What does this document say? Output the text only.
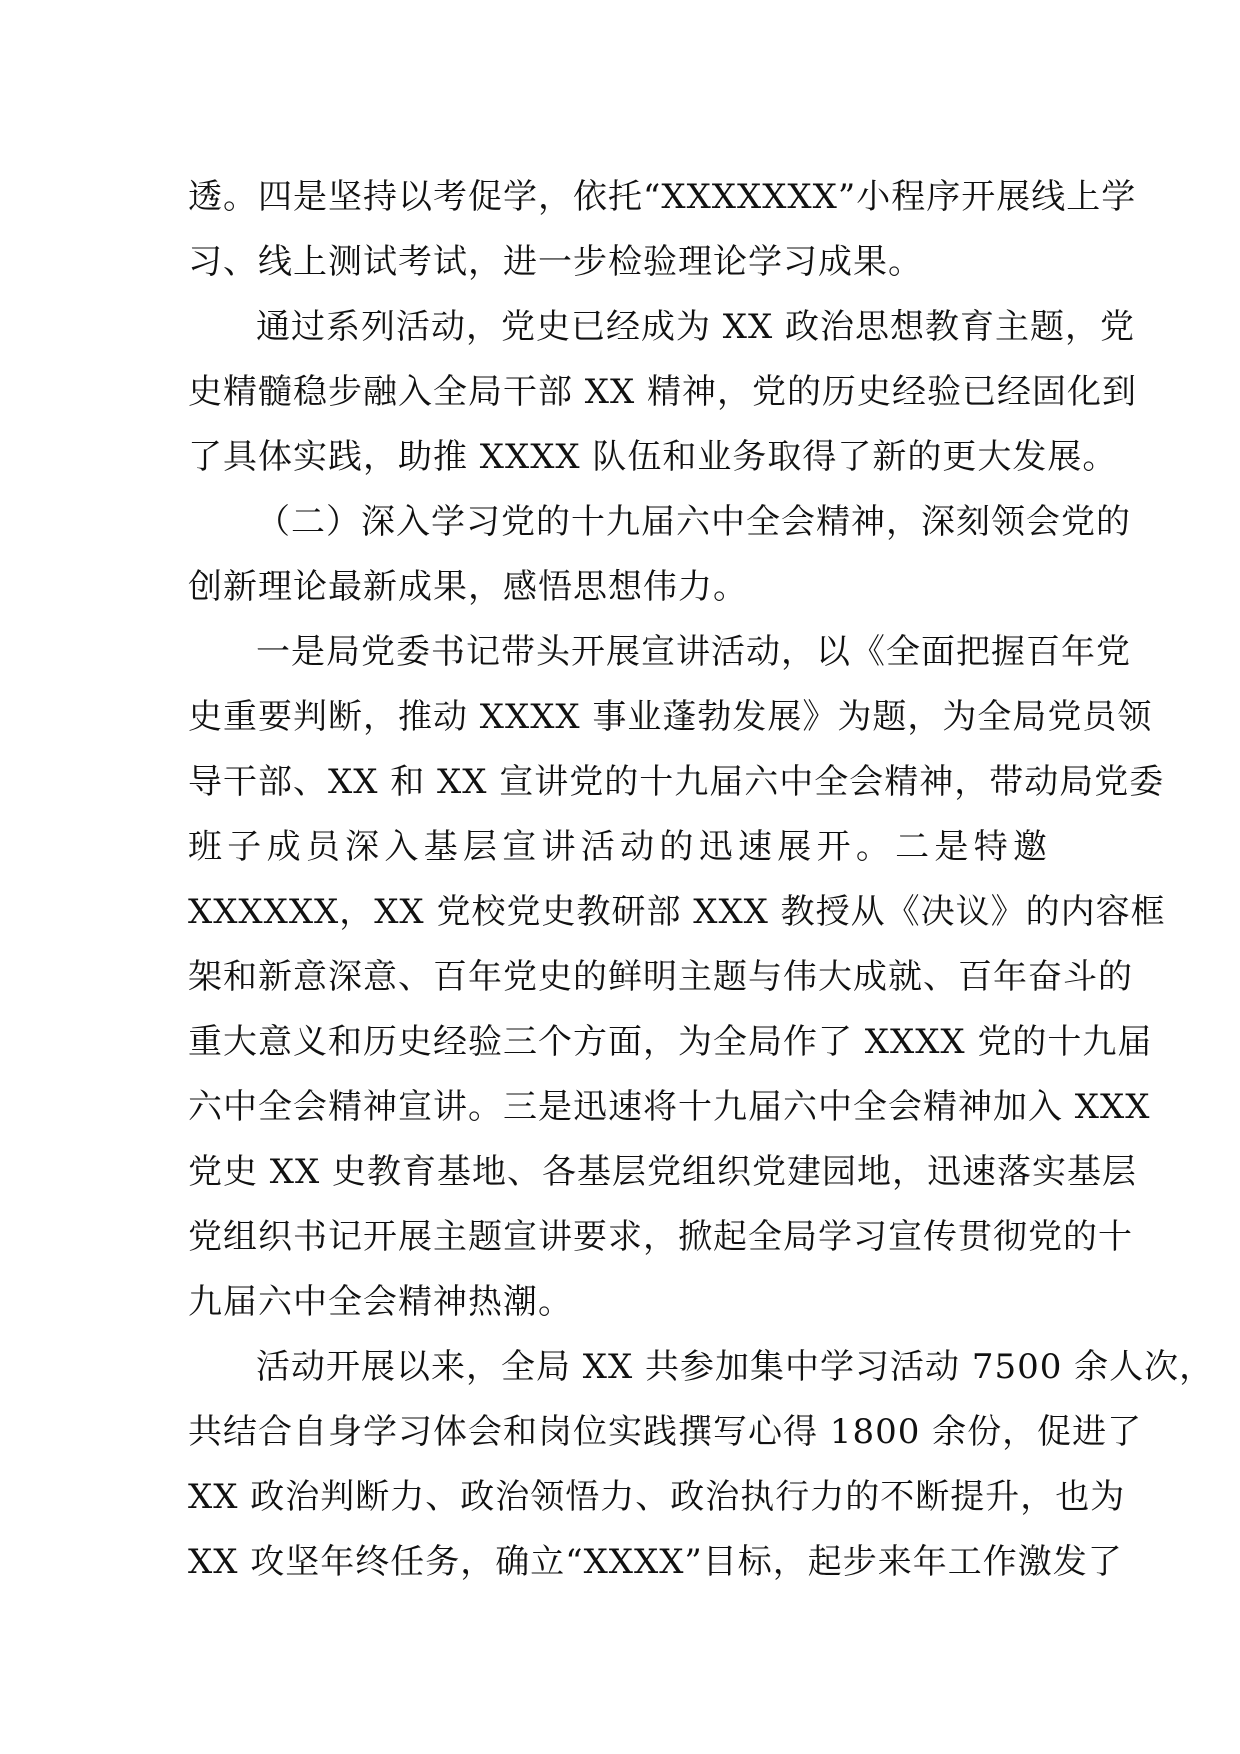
透。四是坚持以考促学，依托“XXXXXXX”小程序开展线上学
习、线上测试考试，进一步检验理论学习成果。
通过系列活动，党史已经成为 XX 政治思想教育主题，党
史精髓稳步融入全局干部 XX 精神，党的历史经验已经固化到
了具体实践，助推 XXXX 队伍和业务取得了新的更大发展。
（二）深入学习党的十九届六中全会精神，深刻领会党的
创新理论最新成果，感悟思想伟力。
一是局党委书记带头开展宣讲活动，以《全面把握百年党
史重要判断，推动 XXXX 事业蓬勃发展》为题，为全局党员领
导干部、XX 和 XX 宣讲党的十九届六中全会精神，带动局党委
班子成员深入基层宣讲活动的迅速展开。二是特邀
XXXXXX，XX 党校党史教研部 XXX 教授从《决议》的内容框
架和新意深意、百年党史的鲜明主题与伟大成就、百年奋斗的
重大意义和历史经验三个方面，为全局作了 XXXX 党的十九届
六中全会精神宣讲。三是迅速将十九届六中全会精神加入 XXX
党史 XX 史教育基地、各基层党组织党建园地，迅速落实基层
党组织书记开展主题宣讲要求，掀起全局学习宣传贯彻党的十
九届六中全会精神热潮。
活动开展以来，全局 XX 共参加集中学习活动 7500 余人次，
共结合自身学习体会和岗位实践撰写心得 1800 余份，促进了
XX 政治判断力、政治领悟力、政治执行力的不断提升，也为
XX 攻坚年终任务，确立“XXXX”目标，起步来年工作激发了
